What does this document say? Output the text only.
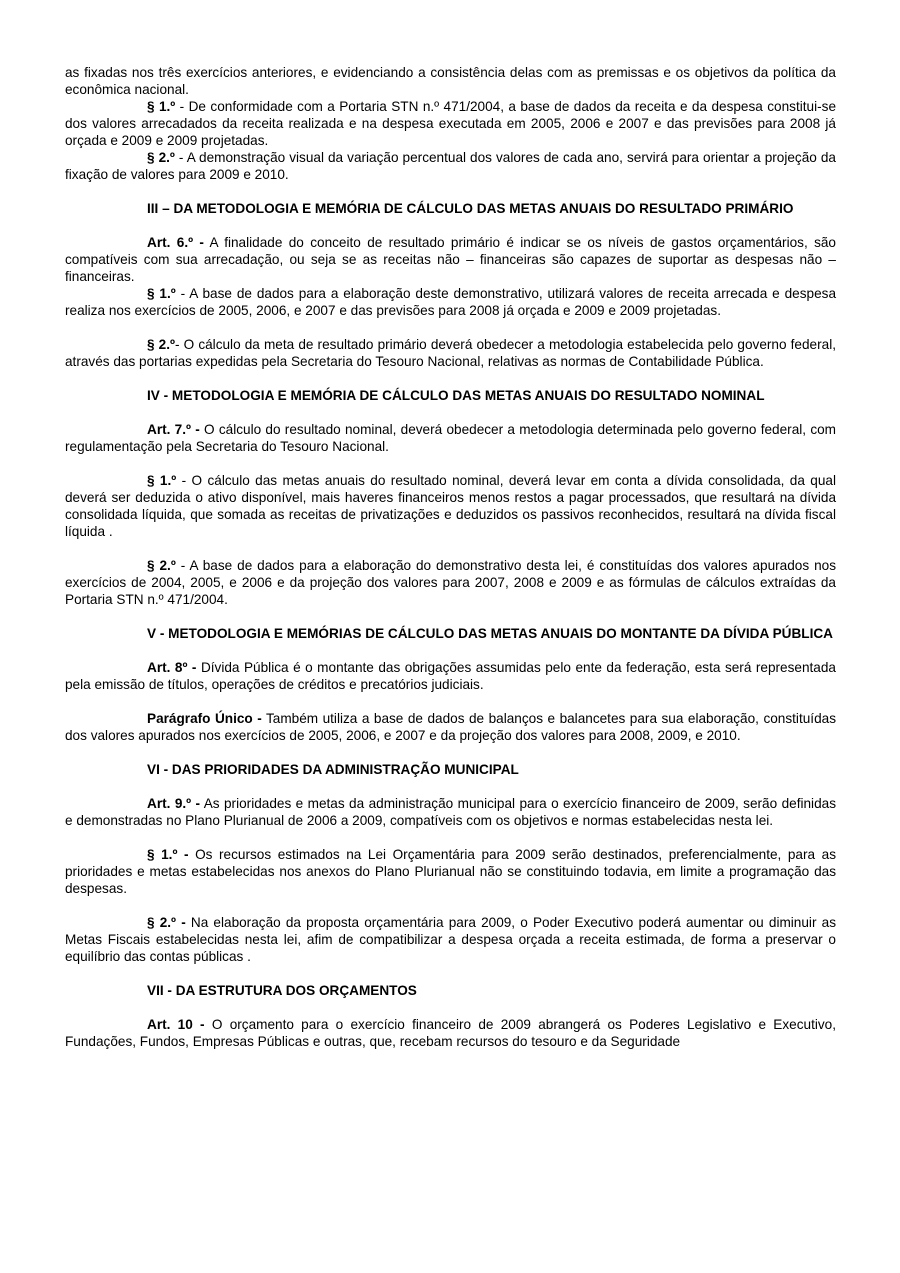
as fixadas nos três exercícios anteriores, e evidenciando a consistência delas com as premissas e os objetivos da política da econômica nacional.

§ 1.º - De conformidade com a Portaria STN n.º 471/2004, a base de dados da receita e da despesa constitui-se dos valores arrecadados da receita realizada e na despesa executada em 2005, 2006 e 2007 e das previsões para 2008 já orçada e 2009 e 2009 projetadas.

§ 2.º - A demonstração visual da variação percentual dos valores de cada ano, servirá para orientar a projeção da fixação de valores para 2009 e 2010.

III – DA METODOLOGIA E MEMÓRIA DE CÁLCULO DAS METAS ANUAIS DO RESULTADO PRIMÁRIO

Art. 6.º - A finalidade do conceito de resultado primário é indicar se os níveis de gastos orçamentários, são compatíveis com sua arrecadação, ou seja se as receitas não – financeiras são capazes de suportar as despesas não – financeiras.

§ 1.º - A base de dados para a elaboração deste demonstrativo, utilizará valores de receita arrecada e despesa realiza nos exercícios de 2005, 2006, e 2007 e das previsões para 2008 já orçada e 2009 e 2009 projetadas.

§ 2.º- O cálculo da meta de resultado primário deverá obedecer a metodologia estabelecida pelo governo federal, através das portarias expedidas pela Secretaria do Tesouro Nacional, relativas as normas de Contabilidade Pública.

IV - METODOLOGIA E MEMÓRIA DE CÁLCULO DAS METAS ANUAIS DO RESULTADO NOMINAL

Art. 7.º - O cálculo do resultado nominal, deverá obedecer a metodologia determinada pelo governo federal, com regulamentação pela Secretaria do Tesouro Nacional.

§ 1.º - O cálculo das metas anuais do resultado nominal, deverá levar em conta a dívida consolidada, da qual deverá ser deduzida o ativo disponível, mais haveres financeiros menos restos a pagar processados, que resultará na dívida consolidada líquida, que somada as receitas de privatizações e deduzidos os passivos reconhecidos, resultará na dívida fiscal líquida .

§ 2.º - A base de dados para a elaboração do demonstrativo desta lei, é constituídas dos valores apurados nos exercícios de 2004, 2005, e 2006 e da projeção dos valores para 2007, 2008 e 2009 e as fórmulas de cálculos extraídas da Portaria STN n.º 471/2004.

V - METODOLOGIA E MEMÓRIAS DE CÁLCULO DAS METAS ANUAIS DO MONTANTE DA DÍVIDA PÚBLICA

Art. 8º - Dívida Pública é o montante das obrigações assumidas pelo ente da federação, esta será representada pela emissão de títulos, operações de créditos e precatórios judiciais.

Parágrafo Único - Também utiliza a base de dados de balanços e balancetes para sua elaboração, constituídas dos valores apurados nos exercícios de 2005, 2006, e 2007 e da projeção dos valores para 2008, 2009, e 2010.

VI - DAS PRIORIDADES DA ADMINISTRAÇÃO MUNICIPAL

Art. 9.º - As prioridades e metas da administração municipal para o exercício financeiro de 2009, serão definidas e demonstradas no Plano Plurianual de 2006 a 2009, compatíveis com os objetivos e normas estabelecidas nesta lei.

§ 1.º - Os recursos estimados na Lei Orçamentária para 2009 serão destinados, preferencialmente, para as prioridades e metas estabelecidas nos anexos do Plano Plurianual não se constituindo todavia, em limite a programação das despesas.

§ 2.º - Na elaboração da proposta orçamentária para 2009, o Poder Executivo poderá aumentar ou diminuir as Metas Fiscais estabelecidas nesta lei, afim de compatibilizar a despesa orçada a receita estimada, de forma a preservar o equilíbrio das contas públicas .

VII - DA ESTRUTURA DOS ORÇAMENTOS

Art. 10 - O orçamento para o exercício financeiro de 2009 abrangerá os Poderes Legislativo e Executivo, Fundações, Fundos, Empresas Públicas e outras, que, recebam recursos do tesouro e da Seguridade
